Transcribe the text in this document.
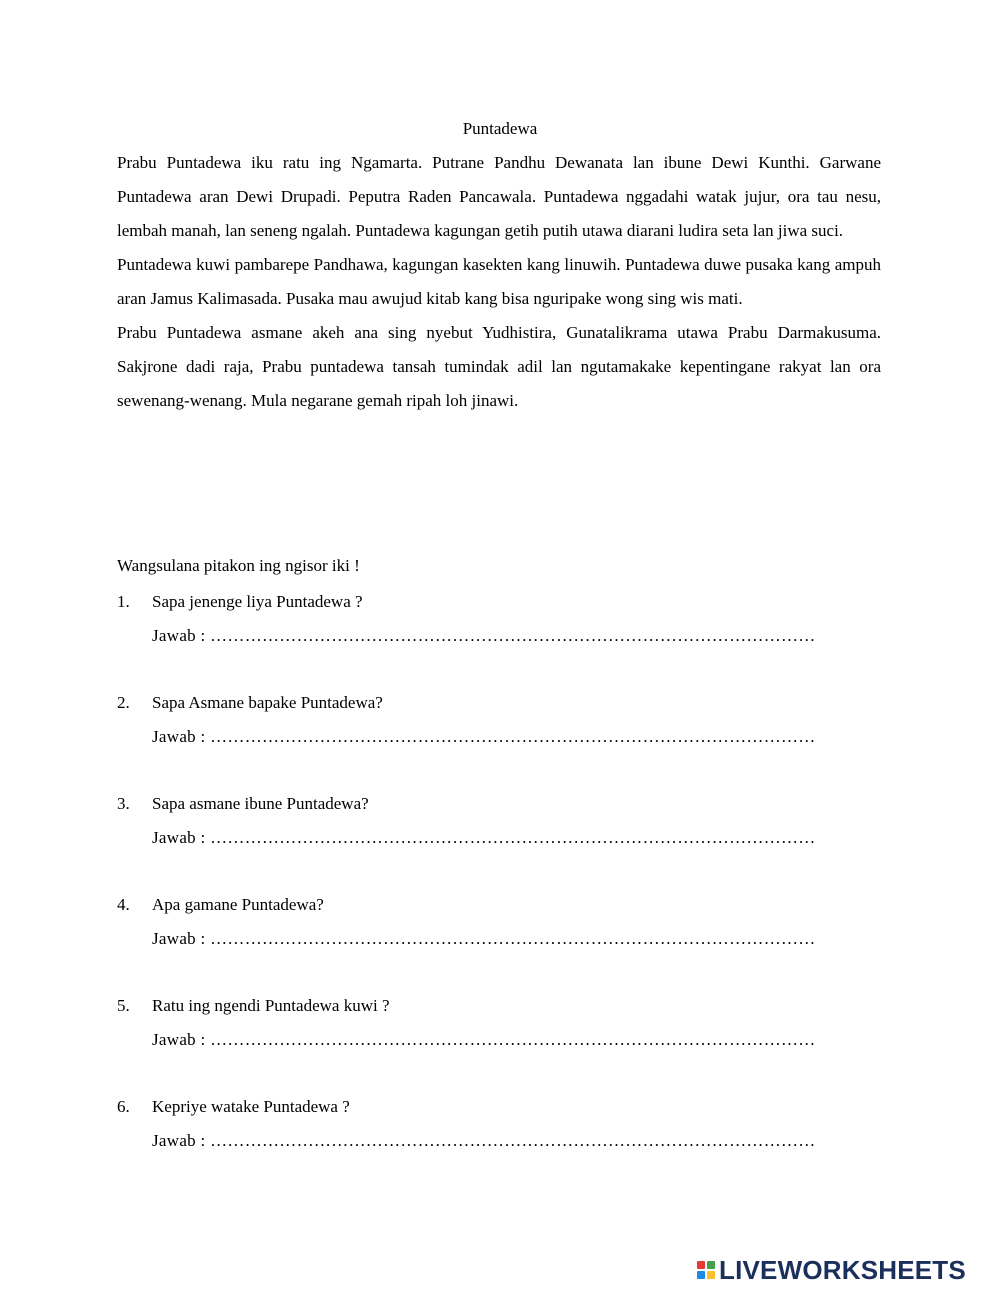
Puntadewa

Prabu Puntadewa iku ratu ing Ngamarta. Putrane Pandhu Dewanata lan ibune Dewi Kunthi. Garwane Puntadewa aran Dewi Drupadi. Peputra Raden Pancawala. Puntadewa nggadahi watak jujur, ora tau nesu, lembah manah, lan seneng ngalah. Puntadewa kagungan getih putih utawa diarani ludira seta lan jiwa suci.

Puntadewa kuwi pambarepe Pandhawa, kagungan kasekten kang linuwih. Puntadewa duwe pusaka kang ampuh aran Jamus Kalimasada. Pusaka mau awujud kitab kang bisa nguripake wong sing wis mati.

Prabu Puntadewa asmane akeh ana sing nyebut Yudhistira, Gunatalikrama utawa Prabu Darmakusuma. Sakjrone dadi raja, Prabu puntadewa tansah tumindak adil lan ngutamakake kepentingane rakyat lan ora sewenang-wenang. Mula negarane gemah ripah loh jinawi.

Wangsulana pitakon ing ngisor iki !
1.	Sapa jenenge liya Puntadewa ?
Jawab : ……………………………………………………………………………………………
2.	Sapa Asmane bapake Puntadewa?
Jawab : ……………………………………………………………………………………………
3.	Sapa asmane ibune Puntadewa?
Jawab : ……………………………………………………………………………………………
4.	Apa gamane Puntadewa?
Jawab : ……………………………………………………………………………………………
5.	Ratu ing ngendi Puntadewa kuwi ?
Jawab : ……………………………………………………………………………………………
6.	Kepriye watake Puntadewa ?
Jawab : ……………………………………………………………………………………………
LIVEWORKSHEETS
